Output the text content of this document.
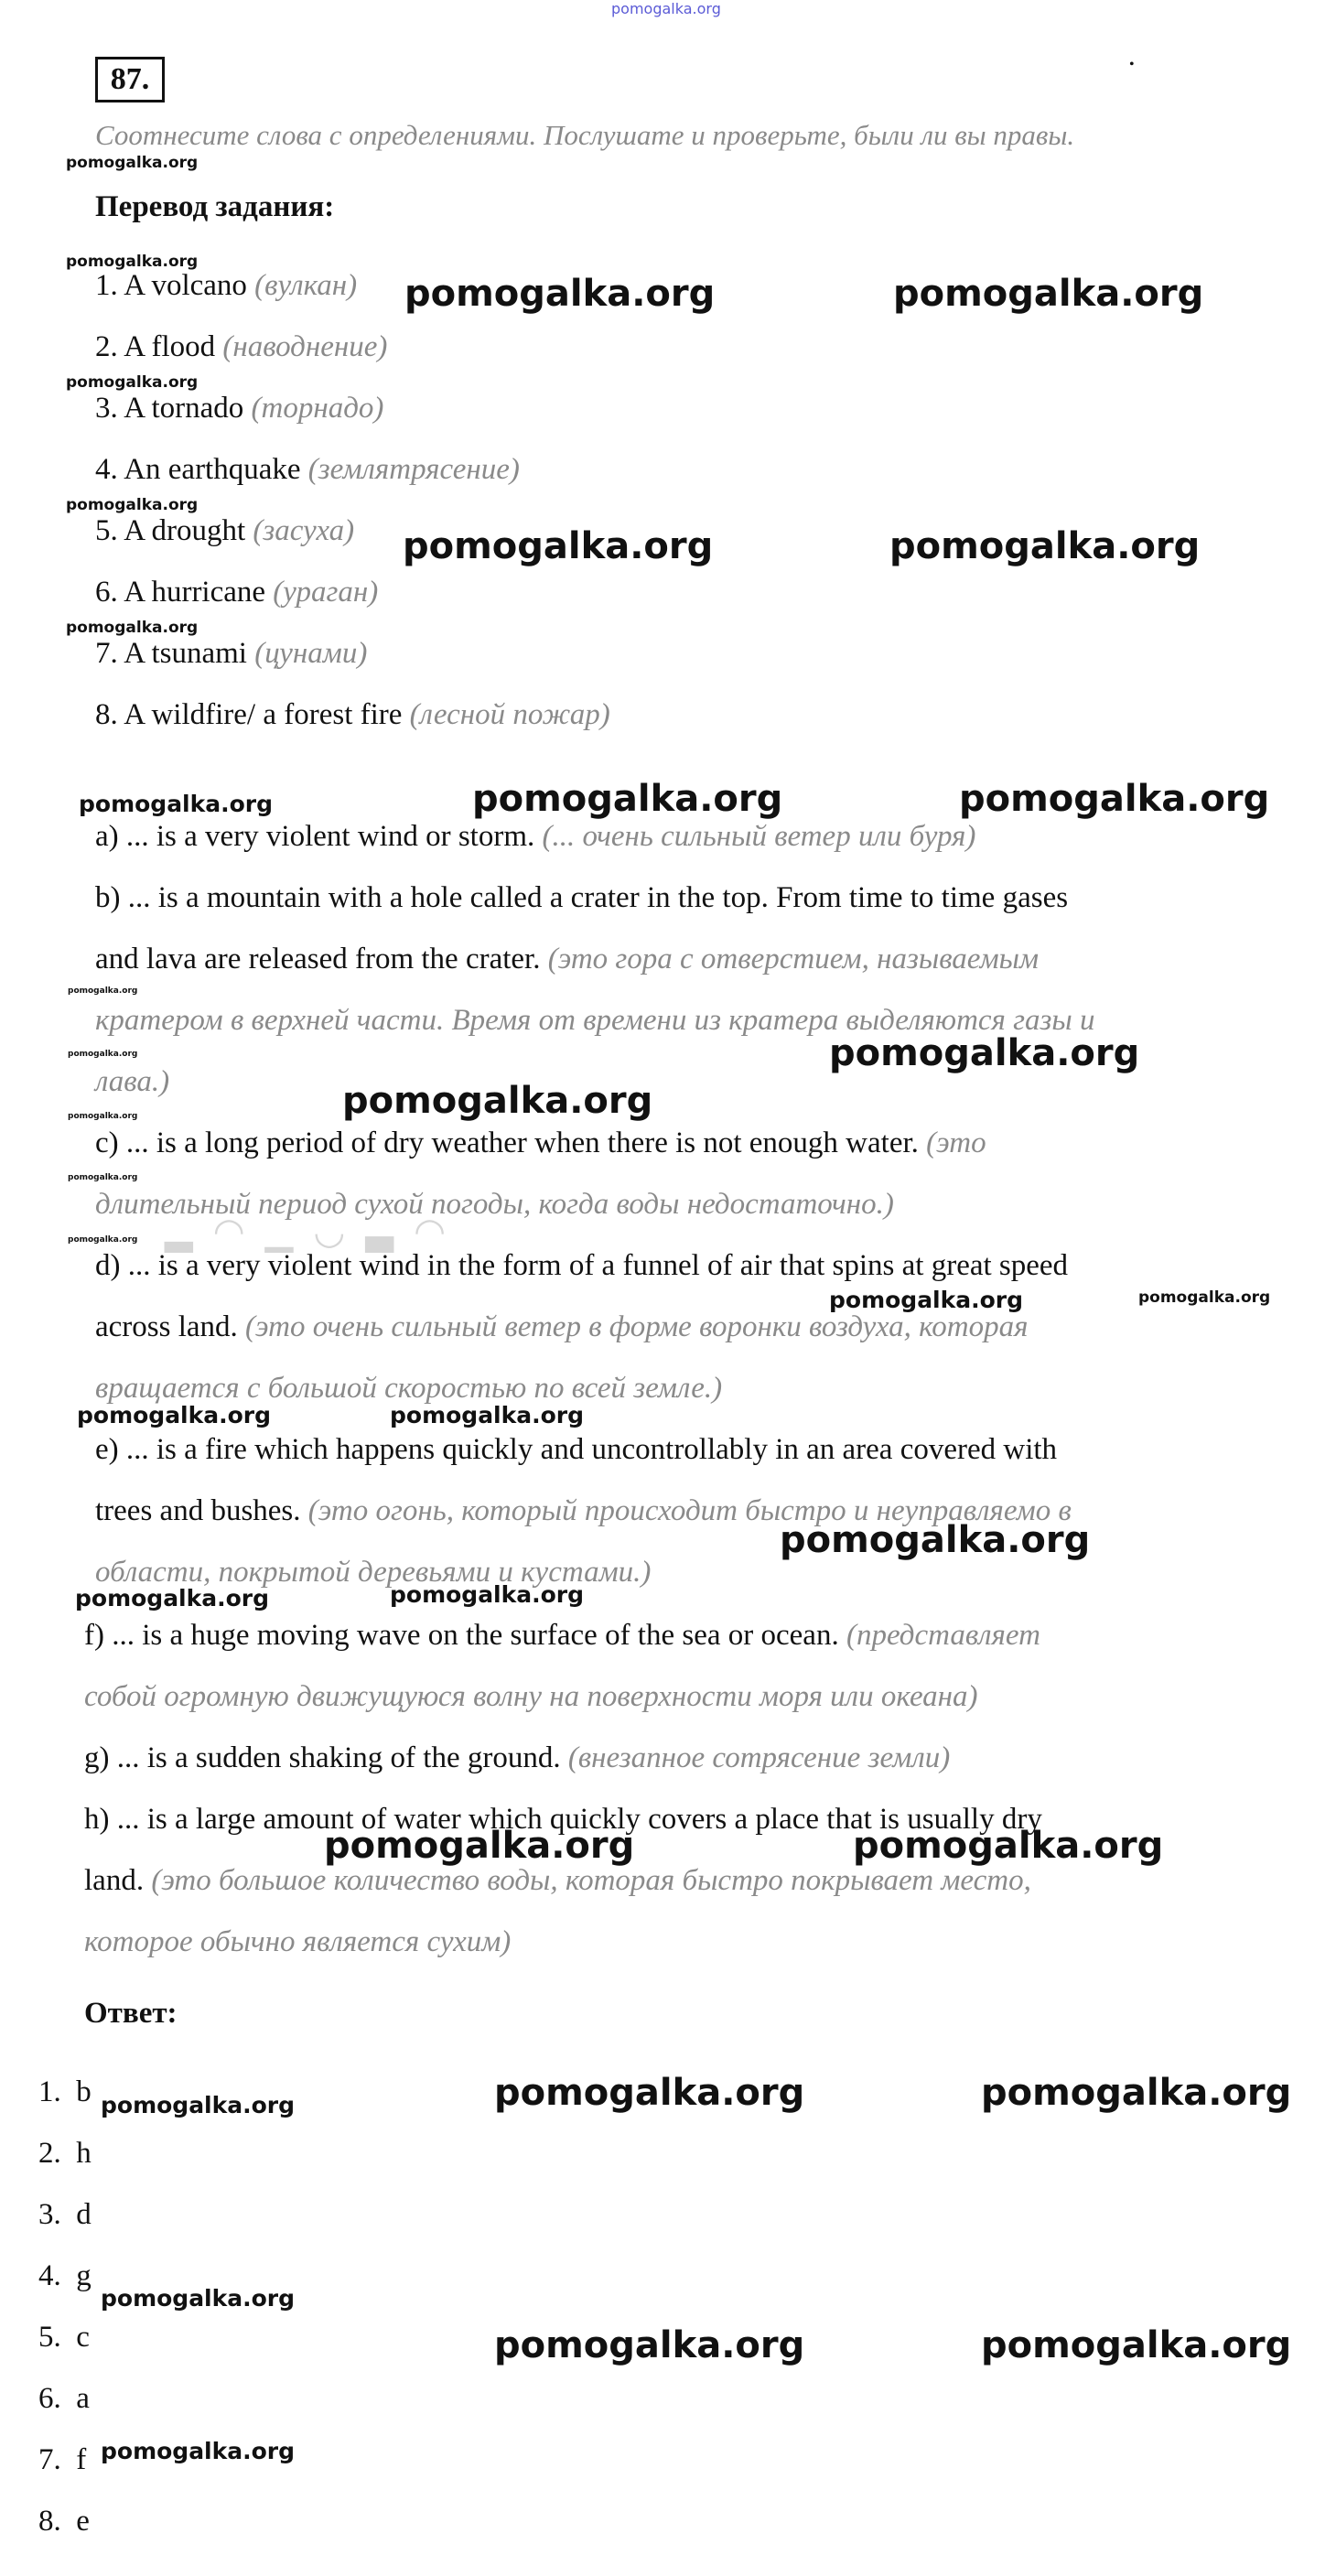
pomogalka.org
87.	•
Соотнесите слова с определениями. Послушате и проверьте, были ли вы правы.
pomogalka.org
Перевод задания:
pomogalka.org
1. A volcano (вулкан) pomogalka.org	pomogalka.org
2. A flood (наводнение)
pomogalka.org
3. A tornado (торнадо)
4. An earthquake (землятрясение)
pomogalka.org
5. A drought (засуха) pomogalka.org	pomogalka.org
6. A hurricane (ураган)
pomogalka.org
7. A tsunami (цунами)
8. A wildfire/ a forest fire (лесной пожар)
pomogalka.org	pomogalka.org	pomogalka.org
a) ... is a very violent wind or storm. (... очень сильный ветер или буря)
b) ... is a mountain with a hole called a crater in the top. From time to time gases
and lava are released from the crater. (это гора с отверстием, называемым
pomogalka.org
кратером в верхней части. Время от времени из кратера выделяются газы и
pomogalka.org	pomogalka.org
лава.)	pomogalka.org
pomogalka.org
c) ... is a long period of dry weather when there is not enough water. (это
pomogalka.org
длительный период сухой погоды, когда воды недостаточно.)
▂ ◠ ▁ ◡ ▃ ◠
pomogalka.org
d) ... is a very violent wind in the form of a funnel of air that spins at great speed
across land. (это очень сильный ветер в форме воронки воздуха, которая
pomogalka.org	pomogalka.org
вращается с большой скоростью по всей земле.)
pomogalka.org	pomogalka.org
e) ... is a fire which happens quickly and uncontrollably in an area covered with
trees and bushes. (это огонь, который происходит быстро и неуправляемо в
pomogalka.org
области, покрытой деревьями и кустами.)
pomogalka.org	pomogalka.org
f) ... is a huge moving wave on the surface of the sea or ocean. (представляет
собой огромную движущуюся волну на поверхности моря или океана)
g) ... is a sudden shaking of the ground. (внезапное сотрясение земли)
h) ... is a large amount of water which quickly covers a place that is usually dry
pomogalka.org	pomogalka.org
land. (это большое количество воды, которая быстро покрывает место,
которое обычно является сухим)
Ответ:
1. b pomogalka.org	pomogalka.org	pomogalka.org
2. h
3. d
4. g
pomogalka.org
5. c	pomogalka.org	pomogalka.org
6. a
7. f pomogalka.org
8. e
